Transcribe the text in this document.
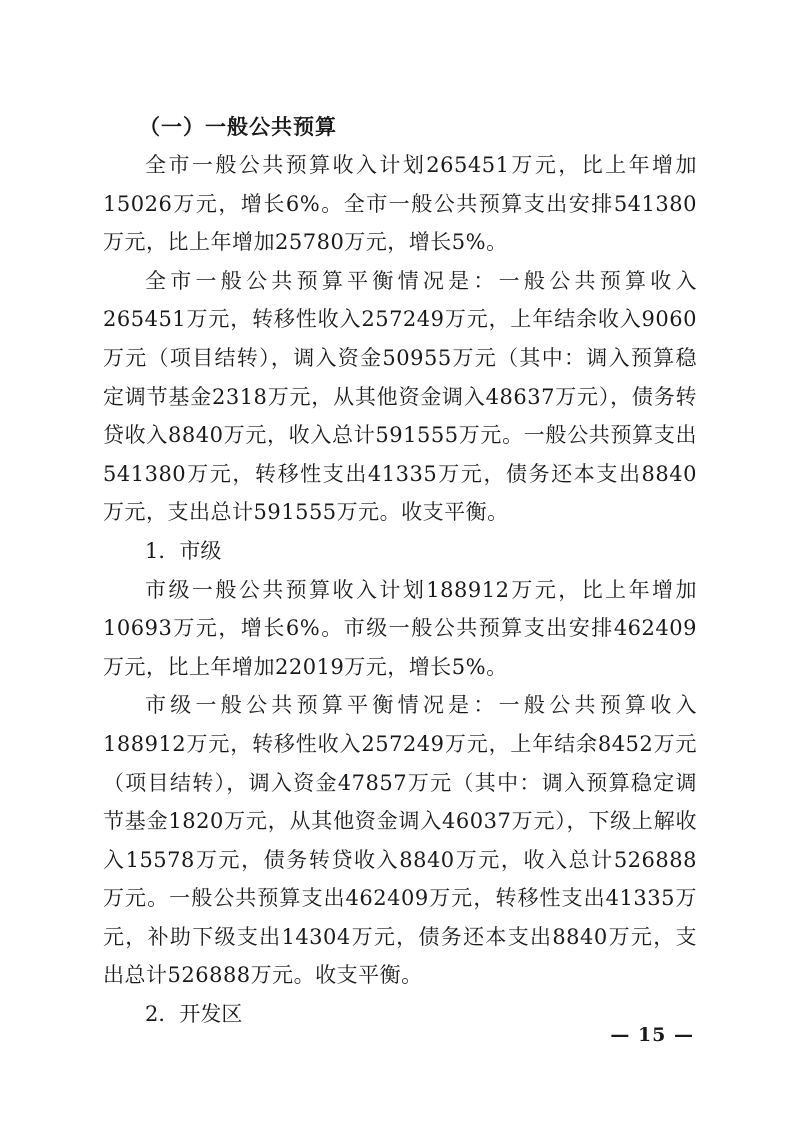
（一）一般公共预算

全市一般公共预算收入计划265451万元，比上年增加15026万元，增长6%。全市一般公共预算支出安排541380万元，比上年增加25780万元，增长5%。

全市一般公共预算平衡情况是：一般公共预算收入265451万元，转移性收入257249万元，上年结余收入9060万元（项目结转），调入资金50955万元（其中：调入预算稳定调节基金2318万元，从其他资金调入48637万元），债务转贷收入8840万元，收入总计591555万元。一般公共预算支出541380万元，转移性支出41335万元，债务还本支出8840万元，支出总计591555万元。收支平衡。

1．市级

市级一般公共预算收入计划188912万元，比上年增加10693万元，增长6%。市级一般公共预算支出安排462409万元，比上年增加22019万元，增长5%。

市级一般公共预算平衡情况是：一般公共预算收入188912万元，转移性收入257249万元，上年结余8452万元（项目结转），调入资金47857万元（其中：调入预算稳定调节基金1820万元，从其他资金调入46037万元），下级上解收入15578万元，债务转贷收入8840万元，收入总计526888万元。一般公共预算支出462409万元，转移性支出41335万元，补助下级支出14304万元，债务还本支出8840万元，支出总计526888万元。收支平衡。

2．开发区
— 15 —
